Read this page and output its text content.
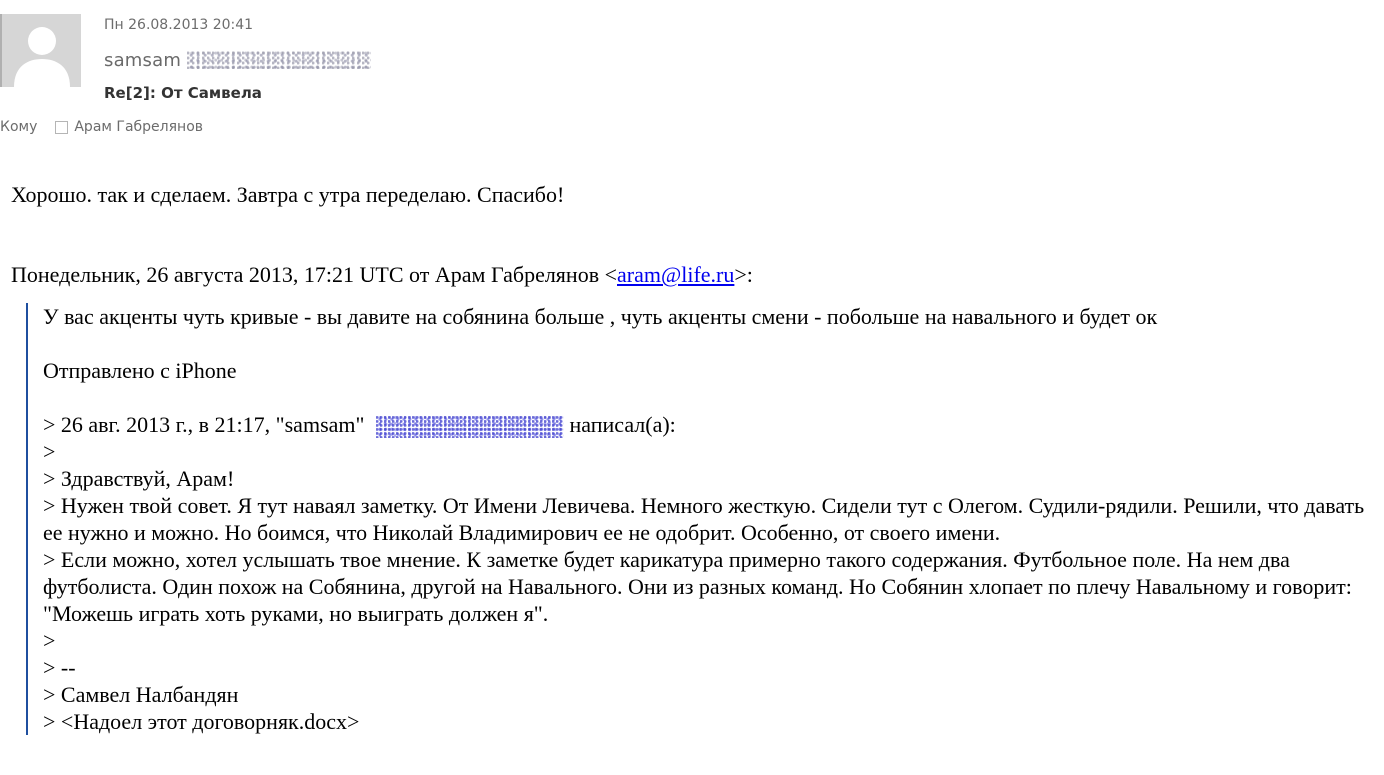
Пн 26.08.2013 20:41
samsam
Re[2]: От Самвела
Кому	Арам Габрелянов

Хорошо. так и сделаем. Завтра с утра переделаю. Спасибо!

Понедельник, 26 августа 2013, 17:21 UTC от Арам Габрелянов <aram@life.ru>:

У вас акценты чуть кривые - вы давите на собянина больше , чуть акценты смени - побольше на навального и будет ок

Отправлено с iPhone

> 26 авг. 2013 г., в 21:17, "samsam"	написал(а):

>

> Здравствуй, Арам!

> Нужен твой совет. Я тут наваял заметку. От Имени Левичева. Немного жесткую. Сидели тут с Олегом. Судили-рядили. Решили, что давать ее нужно и можно. Но боимся, что Николай Владимирович ее не одобрит. Особенно, от своего имени.

> Если можно, хотел услышать твое мнение. К заметке будет карикатура примерно такого содержания. Футбольное поле. На нем два футболиста. Один похож на Собянина, другой на Навального. Они из разных команд. Но Собянин хлопает по плечу Навальному и говорит: "Можешь играть хоть руками, но выиграть должен я".

>

> --

> Самвел Налбандян

> <Надоел этот договорняк.docx>
